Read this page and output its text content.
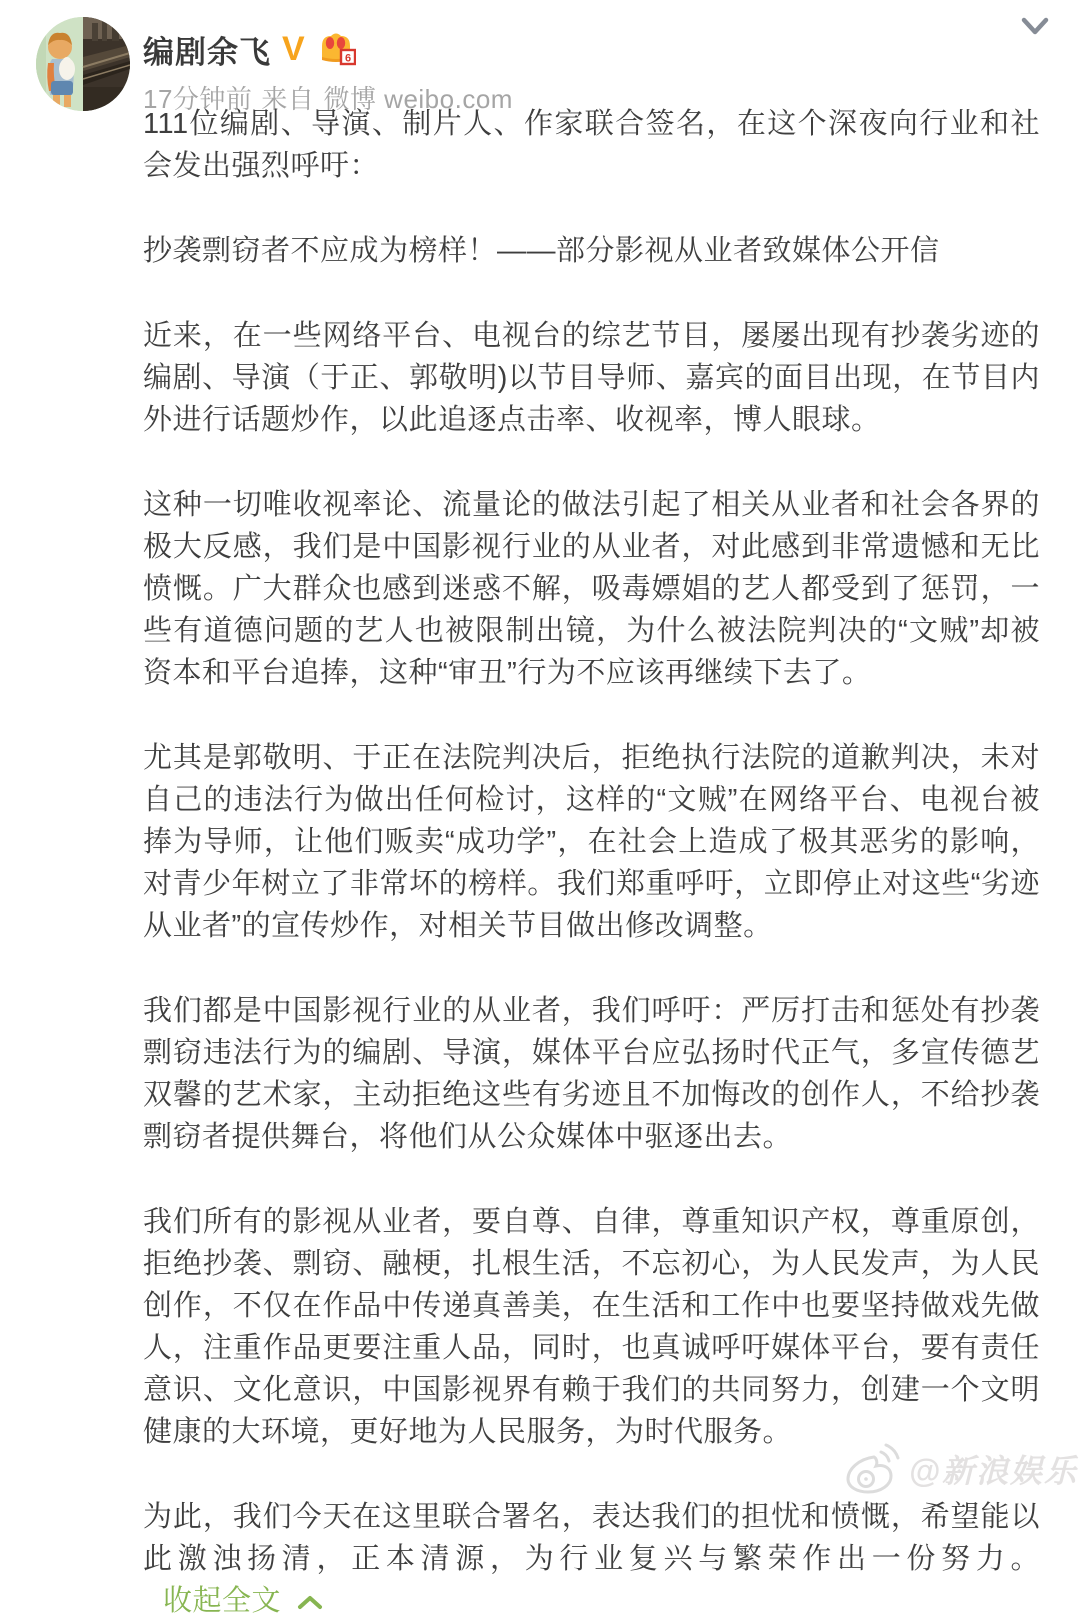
编剧余飞 V	6
17分钟前 来自 微博 weibo.com

111位编剧、导演、制片人、作家联合签名，在这个深夜向行业和社会发出强烈呼吁：

抄袭剽窃者不应成为榜样！——部分影视从业者致媒体公开信

近来，在一些网络平台、电视台的综艺节目，屡屡出现有抄袭劣迹的编剧、导演（于正、郭敬明)以节目导师、嘉宾的面目出现，在节目内外进行话题炒作，以此追逐点击率、收视率，博人眼球。

这种一切唯收视率论、流量论的做法引起了相关从业者和社会各界的极大反感，我们是中国影视行业的从业者，对此感到非常遗憾和无比愤慨。广大群众也感到迷惑不解，吸毒嫖娼的艺人都受到了惩罚，一些有道德问题的艺人也被限制出镜，为什么被法院判决的“文贼”却被资本和平台追捧，这种“审丑”行为不应该再继续下去了。

尤其是郭敬明、于正在法院判决后，拒绝执行法院的道歉判决，未对自己的违法行为做出任何检讨，这样的“文贼”在网络平台、电视台被捧为导师，让他们贩卖“成功学”，在社会上造成了极其恶劣的影响，对青少年树立了非常坏的榜样。我们郑重呼吁，立即停止对这些“劣迹从业者”的宣传炒作，对相关节目做出修改调整。

我们都是中国影视行业的从业者，我们呼吁：严厉打击和惩处有抄袭剽窃违法行为的编剧、导演，媒体平台应弘扬时代正气，多宣传德艺双馨的艺术家，主动拒绝这些有劣迹且不加悔改的创作人，不给抄袭剽窃者提供舞台，将他们从公众媒体中驱逐出去。

我们所有的影视从业者，要自尊、自律，尊重知识产权，尊重原创，拒绝抄袭、剽窃、融梗，扎根生活，不忘初心，为人民发声，为人民创作，不仅在作品中传递真善美，在生活和工作中也要坚持做戏先做人，注重作品更要注重人品，同时，也真诚呼吁媒体平台，要有责任意识、文化意识，中国影视界有赖于我们的共同努力，创建一个文明健康的大环境，更好地为人民服务，为时代服务。

为此，我们今天在这里联合署名，表达我们的担忧和愤慨，希望能以此激浊扬清，正本清源，为行业复兴与繁荣作出一份努力。收起全文

@新浪娱乐
